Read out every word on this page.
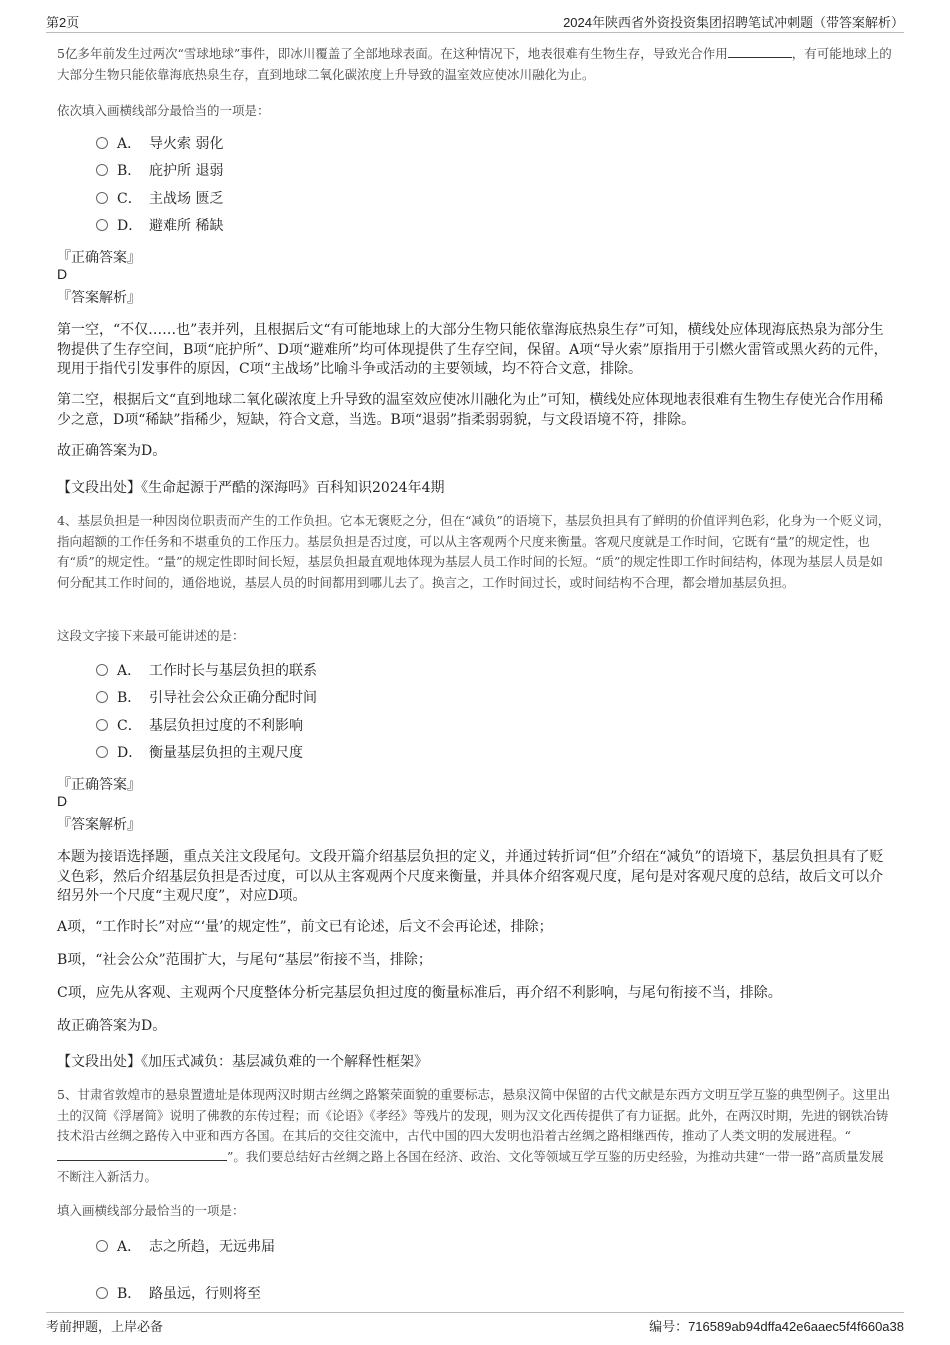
第2页	2024年陕西省外资投资集团招聘笔试冲刺题（带答案解析）

5亿多年前发生过两次“雪球地球”事件，即冰川覆盖了全部地球表面。在这种情况下，地表很难有生物生存，导致光合作用	，有可能地球上的大部分生物只能依靠海底热泉生存，直到地球二氧化碳浓度上升导致的温室效应使冰川融化为止。

依次填入画横线部分最恰当的一项是：

A． 导火索 弱化
B． 庇护所 退弱
C． 主战场 匮乏
D． 避难所 稀缺
『正确答案』
D
『答案解析』

第一空，“不仅……也”表并列，且根据后文“有可能地球上的大部分生物只能依靠海底热泉生存”可知，横线处应体现海底热泉为部分生物提供了生存空间，B项“庇护所”、D项“避难所”均可体现提供了生存空间，保留。A项“导火索”原指用于引燃火雷管或黑火药的元件，现用于指代引发事件的原因，C项“主战场”比喻斗争或活动的主要领域，均不符合文意，排除。

第二空，根据后文“直到地球二氧化碳浓度上升导致的温室效应使冰川融化为止”可知，横线处应体现地表很难有生物生存使光合作用稀少之意，D项“稀缺”指稀少，短缺，符合文意，当选。B项“退弱”指柔弱弱貌，与文段语境不符，排除。

故正确答案为D。

【文段出处】《生命起源于严酷的深海吗》百科知识2024年4期

4、基层负担是一种因岗位职责而产生的工作负担。它本无褒贬之分，但在“减负”的语境下，基层负担具有了鲜明的价值评判色彩，化身为一个贬义词，指向超额的工作任务和不堪重负的工作压力。基层负担是否过度，可以从主客观两个尺度来衡量。客观尺度就是工作时间，它既有“量”的规定性，也有“质”的规定性。“量”的规定性即时间长短，基层负担最直观地体现为基层人员工作时间的长短。“质”的规定性即工作时间结构，体现为基层人员是如何分配其工作时间的，通俗地说，基层人员的时间都用到哪儿去了。换言之，工作时间过长，或时间结构不合理，都会增加基层负担。

这段文字接下来最可能讲述的是：

A． 工作时长与基层负担的联系
B． 引导社会公众正确分配时间
C． 基层负担过度的不利影响
D． 衡量基层负担的主观尺度
『正确答案』
D
『答案解析』

本题为接语选择题，重点关注文段尾句。文段开篇介绍基层负担的定义，并通过转折词“但”介绍在“减负”的语境下，基层负担具有了贬义色彩，然后介绍基层负担是否过度，可以从主客观两个尺度来衡量，并具体介绍客观尺度，尾句是对客观尺度的总结，故后文可以介绍另外一个尺度“主观尺度”，对应D项。

A项，“工作时长”对应“‘量’的规定性”，前文已有论述，后文不会再论述，排除；

B项，“社会公众”范围扩大，与尾句“基层”衔接不当，排除；

C项，应先从客观、主观两个尺度整体分析完基层负担过度的衡量标准后，再介绍不利影响，与尾句衔接不当，排除。

故正确答案为D。

【文段出处】《加压式减负：基层减负难的一个解释性框架》

5、甘肃省敦煌市的悬泉置遗址是体现两汉时期古丝绸之路繁荣面貌的重要标志，悬泉汉简中保留的古代文献是东西方文明互学互鉴的典型例子。这里出土的汉简《浮屠简》说明了佛教的东传过程；而《论语》《孝经》等残片的发现，则为汉文化西传提供了有力证据。此外，在两汉时期，先进的钢铁冶铸技术沿古丝绸之路传入中亚和西方各国。在其后的交往交流中，古代中国的四大发明也沿着古丝绸之路相继西传，推动了人类文明的发展进程。“”。我们要总结好古丝绸之路上各国在经济、政治、文化等领域互学互鉴的历史经验，为推动共建“一带一路”高质量发展不断注入新活力。

填入画横线部分最恰当的一项是：

A． 志之所趋，无远弗届
B． 路虽远，行则将至
考前押题，上岸必备	编号：716589ab94dffa42e6aaec5f4f660a38
